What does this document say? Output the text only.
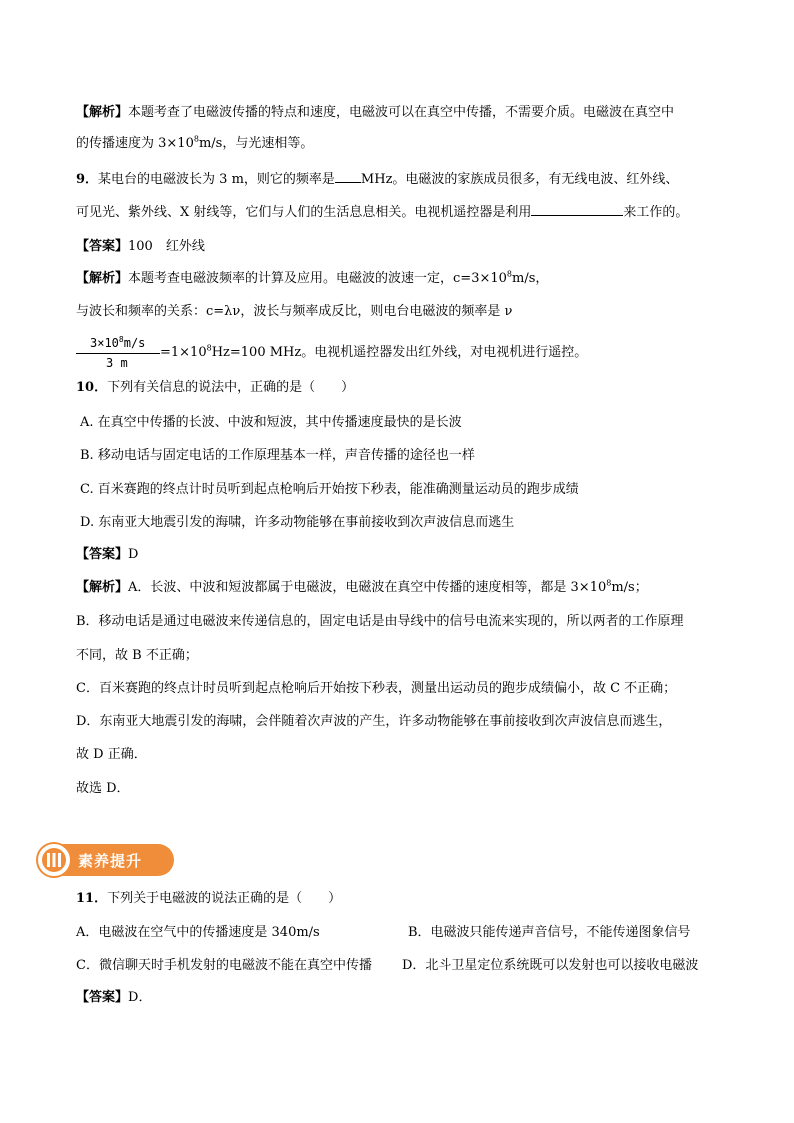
【解析】本题考查了电磁波传播的特点和速度，电磁波可以在真空中传播，不需要介质。电磁波在真空中
的传播速度为 $3\times 10^8m/s$，与光速相等。
9．某电台的电磁波长为 3 m，则它的频率是 MHz。电磁波的家族成员很多，有无线电波、红外线、
可见光、紫外线、X 射线等，它们与人们的生活息息相关。电视机遥控器是利用	来工作的。
【答案】100　红外线
【解析】本题考查电磁波频率的计算及应用。电磁波的波速一定，$c=3\times 10^8m/s$，
与波长和频率的关系：c=λν，波长与频率成反比，则电台电磁波的频率是 ν
$3\times 10^8m/s$
3 m
$=1\times 10^8Hz=100$ MHz。电视机遥控器发出红外线，对电视机进行遥控。
10．下列有关信息的说法中，正确的是（　　）
A. 在真空中传播的长波、中波和短波，其中传播速度最快的是长波
B. 移动电话与固定电话的工作原理基本一样，声音传播的途径也一样
C. 百米赛跑的终点计时员听到起点枪响后开始按下秒表，能准确测量运动员的跑步成绩
D. 东南亚大地震引发的海啸，许多动物能够在事前接收到次声波信息而逃生
【答案】D
【解析】A．长波、中波和短波都属于电磁波，电磁波在真空中传播的速度相等，都是 $3\times 10^8m/s$；
B．移动电话是通过电磁波来传递信息的，固定电话是由导线中的信号电流来实现的，所以两者的工作原理
不同，故 B 不正确；
C．百米赛跑的终点计时员听到起点枪响后开始按下秒表，测量出运动员的跑步成绩偏小，故 C 不正确；
D．东南亚大地震引发的海啸，会伴随着次声波的产生，许多动物能够在事前接收到次声波信息而逃生，
故 D 正确．
故选 D．
素养提升
11．下列关于电磁波的说法正确的是（　　）
A．电磁波在空气中的传播速度是 340m/s	B．电磁波只能传递声音信号，不能传递图象信号
C．微信聊天时手机发射的电磁波不能在真空中传播 D．北斗卫星定位系统既可以发射也可以接收电磁波
【答案】D．
